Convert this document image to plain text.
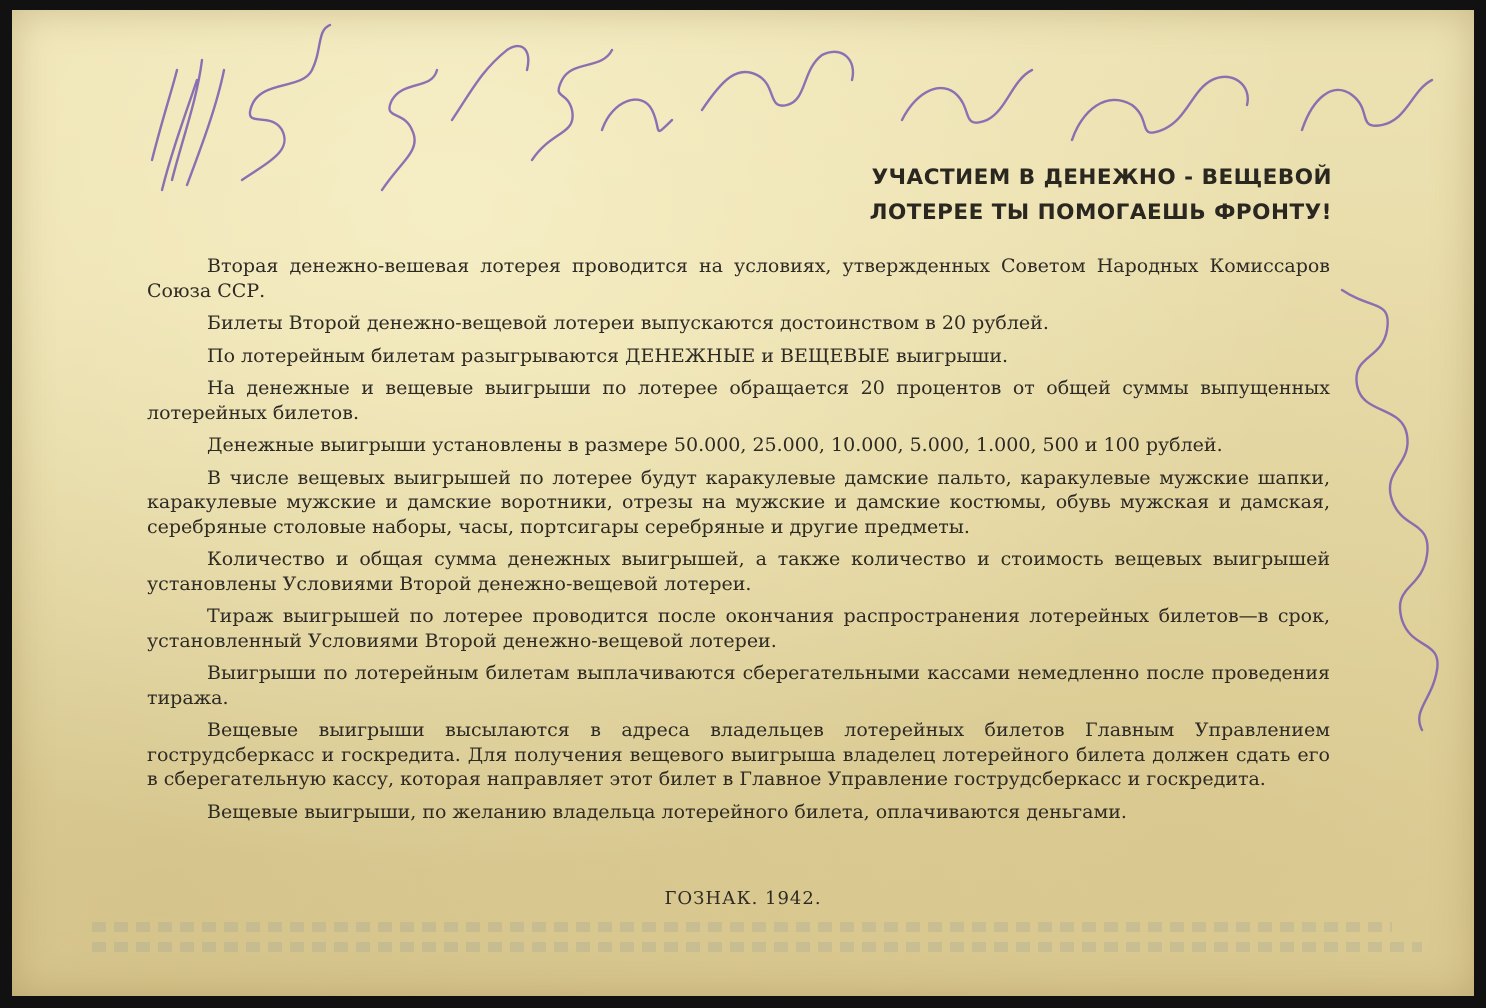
УЧАСТИЕМ В ДЕНЕЖНО - ВЕЩЕВОЙ
ЛОТЕРЕЕ ТЫ ПОМОГАЕШЬ ФРОНТУ!

Вторая денежно-вешевая лотерея проводится на условиях, утвержденных Советом Народных Комиссаров Союза ССР.

Билеты Второй денежно-вещевой лотереи выпускаются достоинством в 20 рублей.

По лотерейным билетам разыгрываются ДЕНЕЖНЫЕ и ВЕЩЕВЫЕ выигрыши.

На денежные и вещевые выигрыши по лотерее обращается 20 процентов от общей суммы выпущенных лотерейных билетов.

Денежные выигрыши установлены в размере 50.000, 25.000, 10.000, 5.000, 1.000, 500 и 100 рублей.

В числе вещевых выигрышей по лотерее будут каракулевые дамские пальто, каракулевые мужские шапки, каракулевые мужские и дамские воротники, отрезы на мужские и дамские костюмы, обувь мужская и дамская, серебряные столовые наборы, часы, портсигары серебряные и другие предметы.

Количество и общая сумма денежных выигрышей, а также количество и стоимость вещевых выигрышей установлены Условиями Второй денежно-вещевой лотереи.

Тираж выигрышей по лотерее проводится после окончания распространения лотерейных билетов—в срок, установленный Условиями Второй денежно-вещевой лотереи.

Выигрыши по лотерейным билетам выплачиваются сберегательными кассами немедленно после проведения тиража.

Вещевые выигрыши высылаются в адреса владельцев лотерейных билетов Главным Управлением гострудсберкасс и госкредита. Для получения вещевого выигрыша владелец лотерейного билета должен сдать его в сберегательную кассу, которая направляет этот билет в Главное Управление гострудсберкасс и госкредита.

Вещевые выигрыши, по желанию владельца лотерейного билета, оплачиваются деньгами.

ГОЗНАК. 1942.
